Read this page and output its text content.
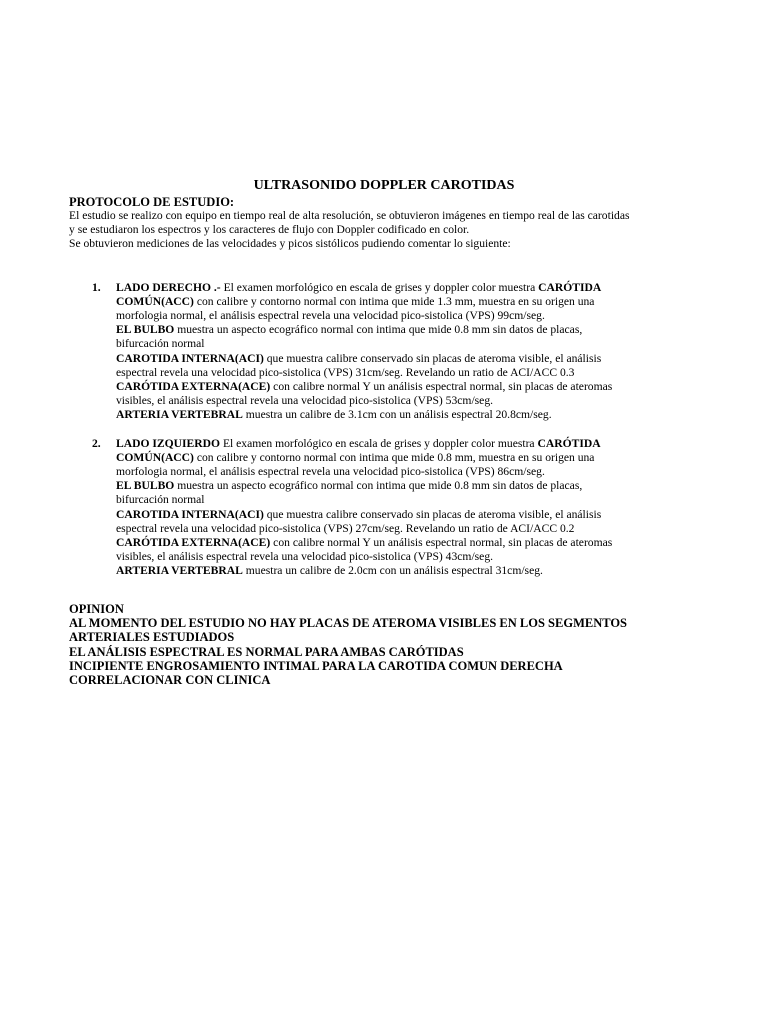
ULTRASONIDO DOPPLER CAROTIDAS

PROTOCOLO DE ESTUDIO:

El estudio se realizo con equipo en tiempo real de alta resolución, se obtuvieron imágenes en tiempo real de las carotidas
y se estudiaron los espectros y los caracteres de flujo con Doppler codificado en color.
Se obtuvieron mediciones de las velocidades y picos sistólicos pudiendo comentar lo siguiente:
1. LADO DERECHO .- El examen morfológico en escala de grises y doppler color muestra CARÓTIDA
COMÚN(ACC) con calibre y contorno normal con intima que mide 1.3 mm, muestra en su origen una
morfologia normal, el análisis espectral revela una velocidad pico-sistolica (VPS) 99cm/seg.
EL BULBO muestra un aspecto ecográfico normal con intima que mide 0.8 mm sin datos de placas,
bifurcación normal
CAROTIDA INTERNA(ACI) que muestra calibre conservado sin placas de ateroma visible, el análisis
espectral revela una velocidad pico-sistolica (VPS) 31cm/seg. Revelando un ratio de ACI/ACC 0.3
CARÓTIDA EXTERNA(ACE) con calibre normal Y un análisis espectral normal, sin placas de ateromas
visibles, el análisis espectral revela una velocidad pico-sistolica (VPS) 53cm/seg.
ARTERIA VERTEBRAL muestra un calibre de 3.1cm con un análisis espectral 20.8cm/seg.
2. LADO IZQUIERDO El examen morfológico en escala de grises y doppler color muestra CARÓTIDA
COMÚN(ACC) con calibre y contorno normal con intima que mide 0.8 mm, muestra en su origen una
morfologia normal, el análisis espectral revela una velocidad pico-sistolica (VPS) 86cm/seg.
EL BULBO muestra un aspecto ecográfico normal con intima que mide 0.8 mm sin datos de placas,
bifurcación normal
CAROTIDA INTERNA(ACI) que muestra calibre conservado sin placas de ateroma visible, el análisis
espectral revela una velocidad pico-sistolica (VPS) 27cm/seg. Revelando un ratio de ACI/ACC 0.2
CARÓTIDA EXTERNA(ACE) con calibre normal Y un análisis espectral normal, sin placas de ateromas
visibles, el análisis espectral revela una velocidad pico-sistolica (VPS) 43cm/seg.
ARTERIA VERTEBRAL muestra un calibre de 2.0cm con un análisis espectral 31cm/seg.
OPINION
AL MOMENTO DEL ESTUDIO NO HAY PLACAS DE ATEROMA VISIBLES EN LOS SEGMENTOS
ARTERIALES ESTUDIADOS
EL ANÁLISIS ESPECTRAL ES NORMAL PARA AMBAS CARÓTIDAS
INCIPIENTE ENGROSAMIENTO INTIMAL PARA LA CAROTIDA COMUN DERECHA
CORRELACIONAR CON CLINICA
